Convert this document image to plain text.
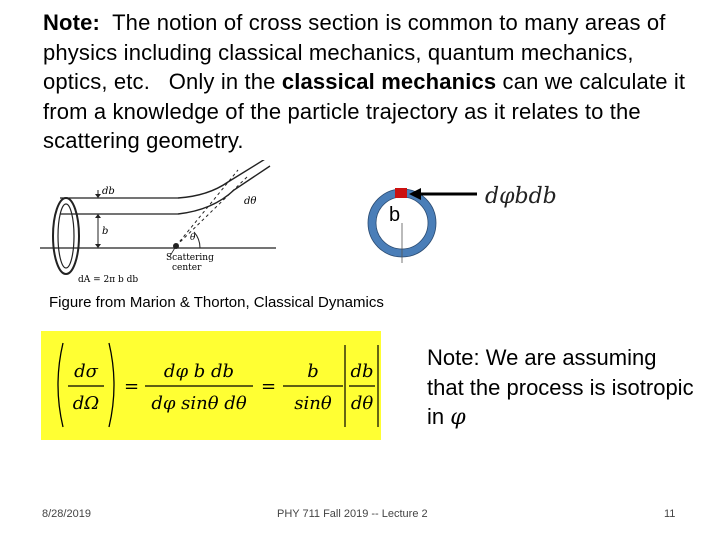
Note:  The notion of cross section is common to many areas of  physics including classical mechanics, quantum mechanics, optics, etc.   Only in the classical mechanics can we calculate it from a knowledge of the particle trajectory as it relates to the scattering geometry.
db
b
dθ
θ
dA = 2π b db
Scattering
center
b
dφbdb
Figure from Marion & Thorton, Classical Dynamics
dσ
dΩ
=
dφ b db
dφ sinθ dθ
=
b
sinθ
db
dθ
Note: We are assuming that the process is isotropic in φ
8/28/2019	PHY 711 Fall 2019 -- Lecture 2	11
